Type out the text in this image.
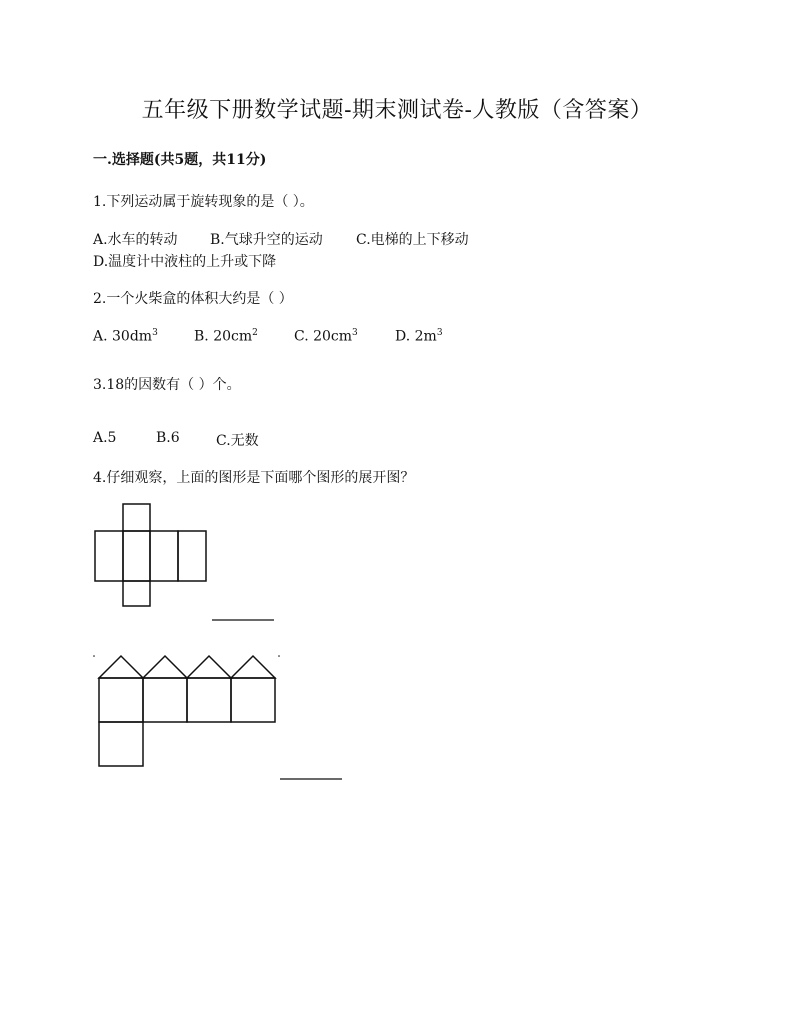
五年级下册数学试题-期末测试卷-人教版（含答案）
一.选择题(共5题，共11分)
1.下列运动属于旋转现象的是（ ）。
A.水车的转动 B.气球升空的运动 C.电梯的上下移动
D.温度计中液柱的上升或下降
2.一个火柴盒的体积大约是（ ）
A. $30dm^3$	B. $20cm^2$	C. $20cm^3$	D. $2m^3$
3.18的因数有（ ）个。
A.5	B.6	C.无数
4.仔细观察，上面的图形是下面哪个图形的展开图？
